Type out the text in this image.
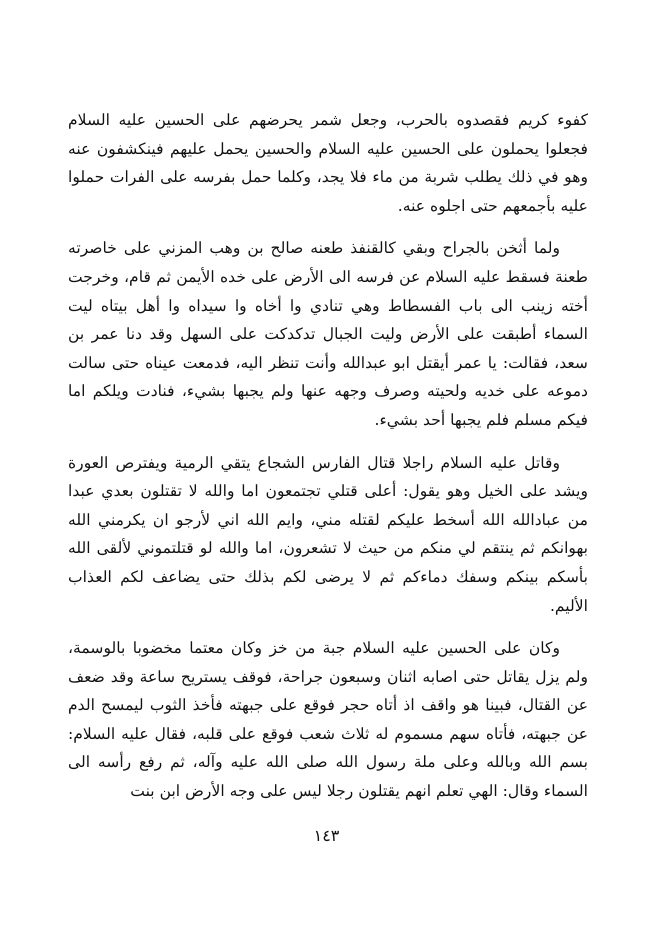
كفوء كريم فقصدوه بالحرب، وجعل شمر يحرضهم على الحسين عليه السلام فجعلوا يحملون على الحسين عليه السلام والحسين يحمل عليهم فينكشفون عنه وهو في ذلك يطلب شربة من ماء فلا يجد، وكلما حمل بفرسه على الفرات حملوا عليه بأجمعهم حتى اجلوه عنه.

ولما أثخن بالجراح وبقي كالقنفذ طعنه صالح بن وهب المزني على خاصرته طعنة فسقط عليه السلام عن فرسه الى الأرض على خده الأيمن ثم قام، وخرجت أخته زينب الى باب الفسطاط وهي تنادي وا أخاه وا سيداه وا أهل بيتاه ليت السماء أطبقت على الأرض وليت الجبال تدكدكت على السهل وقد دنا عمر بن سعد، فقالت: يا عمر أيقتل ابو عبدالله وأنت تنظر اليه، فدمعت عيناه حتى سالت دموعه على خديه ولحيته وصرف وجهه عنها ولم يجبها بشيء، فنادت ويلكم اما فيكم مسلم فلم يجبها أحد بشيء.

وقاتل عليه السلام راجلا قتال الفارس الشجاع يتقي الرمية ويفترص العورة ويشد على الخيل وهو يقول: أعلى قتلي تجتمعون اما والله لا تقتلون بعدي عبدا من عبادالله الله أسخط عليكم لقتله مني، وايم الله اني لأرجو ان يكرمني الله بهوانكم ثم ينتقم لي منكم من حيث لا تشعرون، اما والله لو قتلتموني لألقى الله بأسكم بينكم وسفك دماءكم ثم لا يرضى لكم بذلك حتى يضاعف لكم العذاب الأليم.

وكان على الحسين عليه السلام جبة من خز وكان معتما مخضوبا بالوسمة، ولم يزل يقاتل حتى اصابه اثنان وسبعون جراحة، فوقف يستريح ساعة وقد ضعف عن القتال، فبينا هو واقف اذ أتاه حجر فوقع على جبهته فأخذ الثوب ليمسح الدم عن جبهته، فأتاه سهم مسموم له ثلاث شعب فوقع على قلبه، فقال عليه السلام: بسم الله وبالله وعلى ملة رسول الله صلى الله عليه وآله، ثم رفع رأسه الى السماء وقال: الهي تعلم انهم يقتلون رجلا ليس على وجه الأرض ابن بنت

١٤٣
